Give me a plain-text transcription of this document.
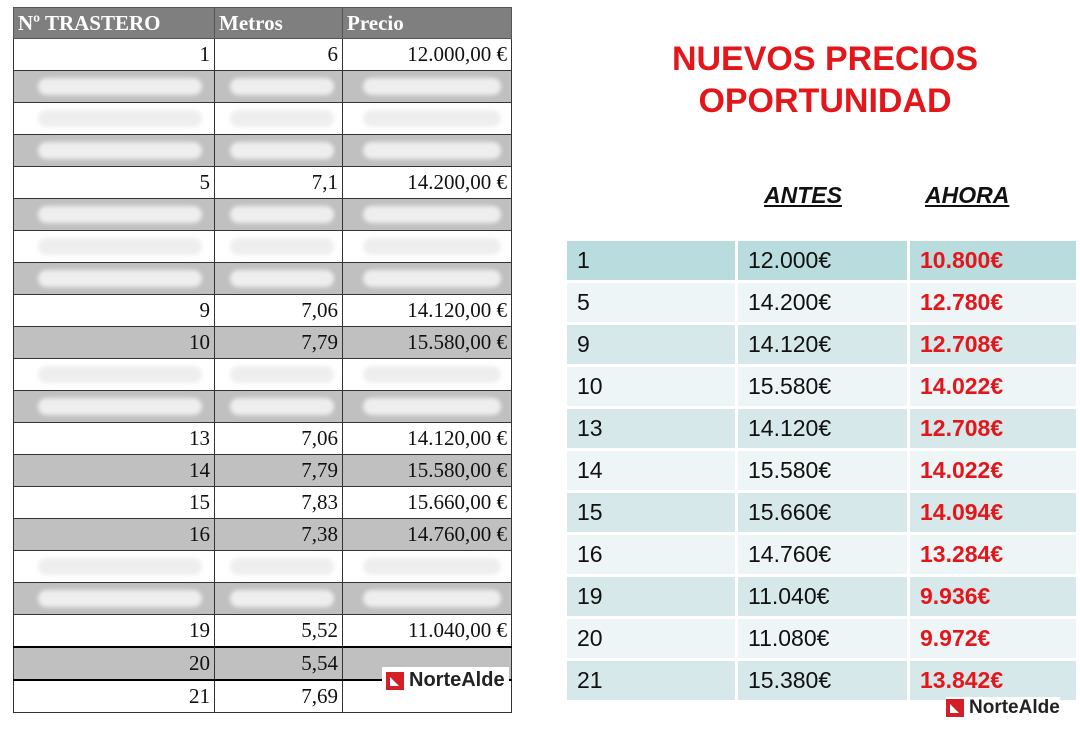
Nº TRASTERO	Metros	Precio
1	6	12.000,00 €

5	7,1	14.200,00 €

9	7,06	14.120,00 €
10	7,79	15.580,00 €

13	7,06	14.120,00 €
14	7,79	15.580,00 €
15	7,83	15.660,00 €
16	7,38	14.760,00 €

19	5,52	11.040,00 €
20	5,54	
21	7,69	
NorteAlde
NUEVOS PRECIOS
OPORTUNIDAD
ANTES	AHORA
1	12.000€	10.800€
5	14.200€	12.780€
9	14.120€	12.708€
10	15.580€	14.022€
13	14.120€	12.708€
14	15.580€	14.022€
15	15.660€	14.094€
16	14.760€	13.284€
19	11.040€	9.936€
20	11.080€	9.972€
21	15.380€	13.842€
NorteAlde
